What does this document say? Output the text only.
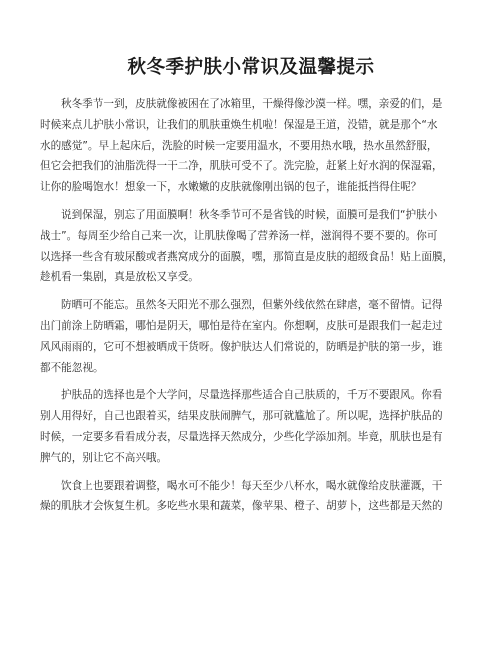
秋冬季护肤小常识及温馨提示
秋冬季节一到，皮肤就像被困在了冰箱里，干燥得像沙漠一样。嘿，亲爱的们，是
时候来点儿护肤小常识，让我们的肌肤重焕生机啦！保湿是王道，没错，就是那个“水
水的感觉”。早上起床后，洗脸的时候一定要用温水，不要用热水哦，热水虽然舒服，
但它会把我们的油脂洗得一干二净，肌肤可受不了。洗完脸，赶紧上好水润的保湿霜，
让你的脸喝饱水！想象一下，水嫩嫩的皮肤就像刚出锅的包子，谁能抵挡得住呢？
说到保湿，别忘了用面膜啊！秋冬季节可不是省钱的时候，面膜可是我们“护肤小
战士”。每周至少给自己来一次，让肌肤像喝了营养汤一样，滋润得不要不要的。你可
以选择一些含有玻尿酸或者燕窝成分的面膜，嘿，那简直是皮肤的超级食品！贴上面膜，
趁机看一集剧，真是放松又享受。
防晒可不能忘。虽然冬天阳光不那么强烈，但紫外线依然在肆虐，毫不留情。记得
出门前涂上防晒霜，哪怕是阴天，哪怕是待在室内。你想啊，皮肤可是跟我们一起走过
风风雨雨的，它可不想被晒成干货呀。像护肤达人们常说的，防晒是护肤的第一步，谁
都不能忽视。
护肤品的选择也是个大学问，尽量选择那些适合自己肤质的，千万不要跟风。你看
别人用得好，自己也跟着买，结果皮肤闹脾气，那可就尴尬了。所以呢，选择护肤品的
时候，一定要多看看成分表，尽量选择天然成分，少些化学添加剂。毕竟，肌肤也是有
脾气的，别让它不高兴哦。
饮食上也要跟着调整，喝水可不能少！每天至少八杯水，喝水就像给皮肤灌溉，干
燥的肌肤才会恢复生机。多吃些水果和蔬菜，像苹果、橙子、胡萝卜，这些都是天然的
